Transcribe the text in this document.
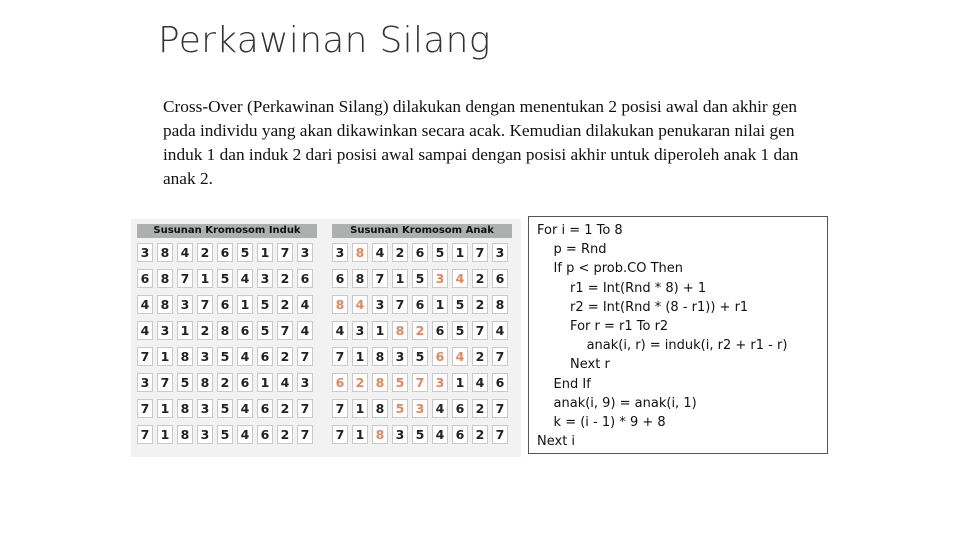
Perkawinan Silang
Cross-Over (Perkawinan Silang) dilakukan dengan menentukan 2 posisi awal dan akhir gen pada individu yang akan dikawinkan secara acak. Kemudian dilakukan penukaran nilai gen induk 1 dan induk 2 dari posisi awal sampai dengan posisi akhir untuk diperoleh anak 1 dan anak 2.
Susunan Kromosom Induk
3 8 4 2 6 5 1 7 3
6 8 7 1 5 4 3 2 6
4 8 3 7 6 1 5 2 4
4 3 1 2 8 6 5 7 4
7 1 8 3 5 4 6 2 7
3 7 5 8 2 6 1 4 3
7 1 8 3 5 4 6 2 7
7 1 8 3 5 4 6 2 7
Susunan Kromosom Anak
3 8 4 2 6 5 1 7 3
6 8 7 1 5 3 4 2 6
8 4 3 7 6 1 5 2 8
4 3 1 8 2 6 5 7 4
7 1 8 3 5 6 4 2 7
6 2 8 5 7 3 1 4 6
7 1 8 5 3 4 6 2 7
7 1 8 3 5 4 6 2 7
For i = 1 To 8
p = Rnd
If p < prob.CO Then
r1 = Int(Rnd * 8) + 1
r2 = Int(Rnd * (8 - r1)) + r1
For r = r1 To r2
anak(i, r) = induk(i, r2 + r1 - r)
Next r
End If
anak(i, 9) = anak(i, 1)
k = (i - 1) * 9 + 8
Next i
